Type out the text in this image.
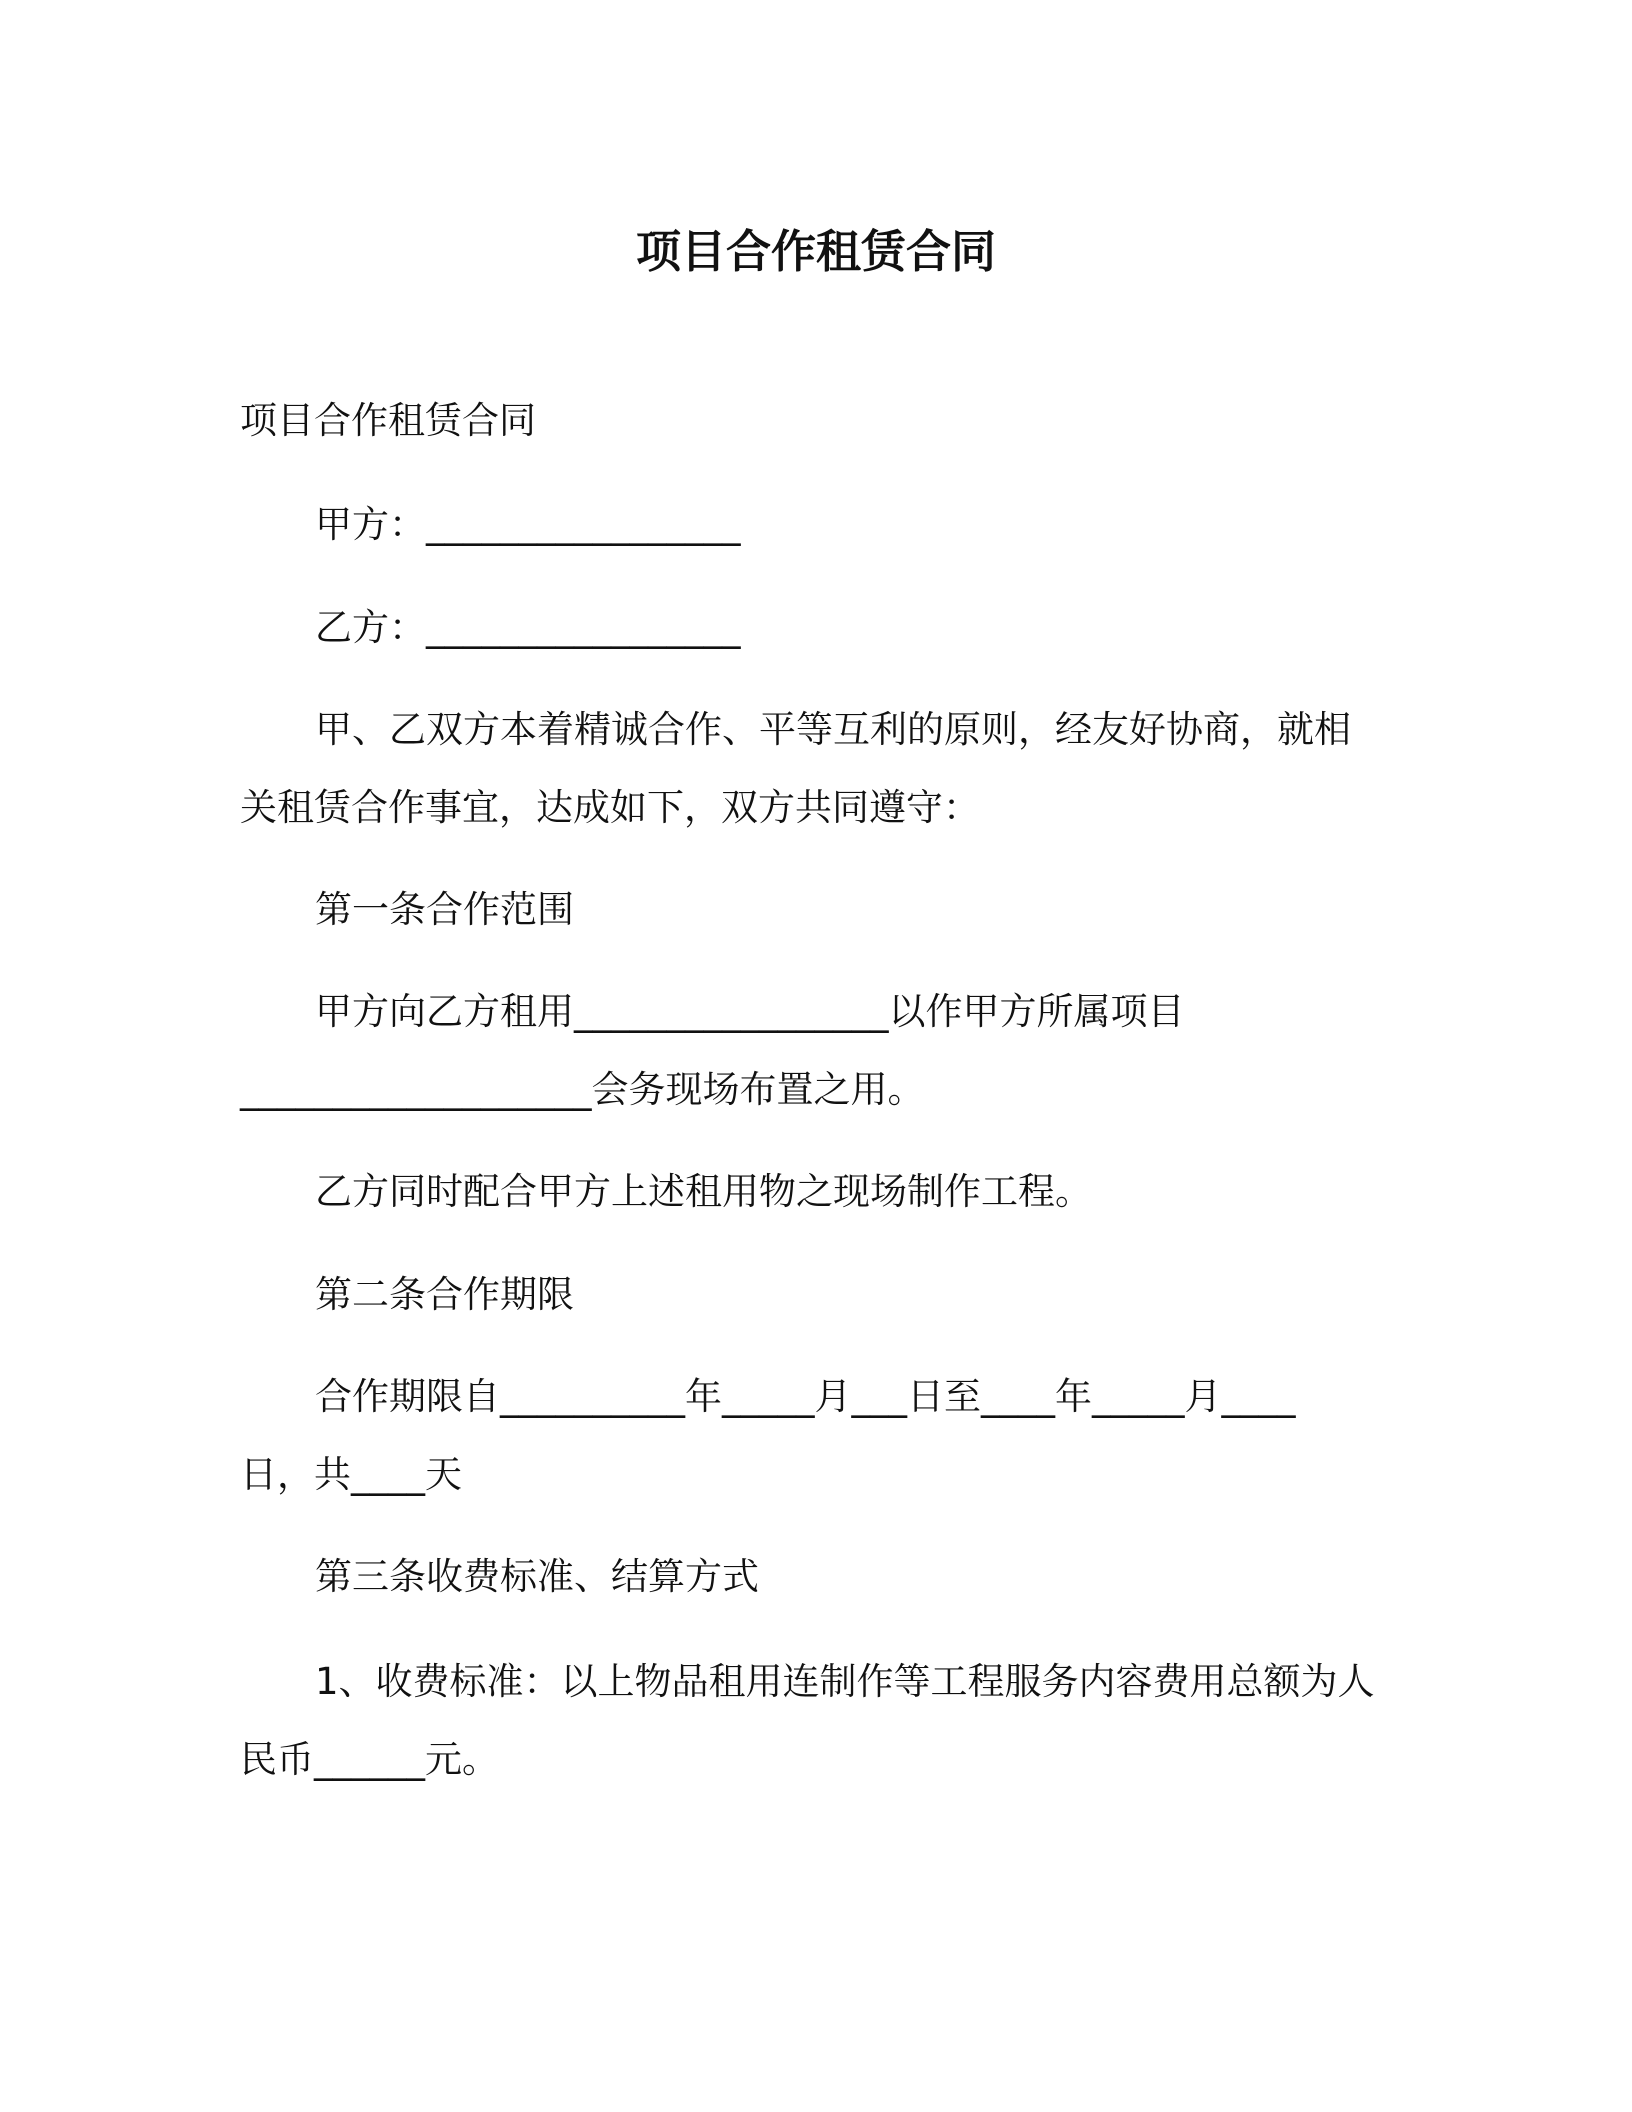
项目合作租赁合同
项目合作租赁合同
甲方：_________________
乙方：_________________
甲、乙双方本着精诚合作、平等互利的原则，经友好协商，就相
关租赁合作事宜，达成如下，双方共同遵守：
第一条合作范围
甲方向乙方租用_________________以作甲方所属项目
___________________会务现场布置之用。
乙方同时配合甲方上述租用物之现场制作工程。
第二条合作期限
合作期限自__________年_____月___日至____年_____月____
日，共____天
第三条收费标准、结算方式
1、收费标准：以上物品租用连制作等工程服务内容费用总额为人
民币______元。
